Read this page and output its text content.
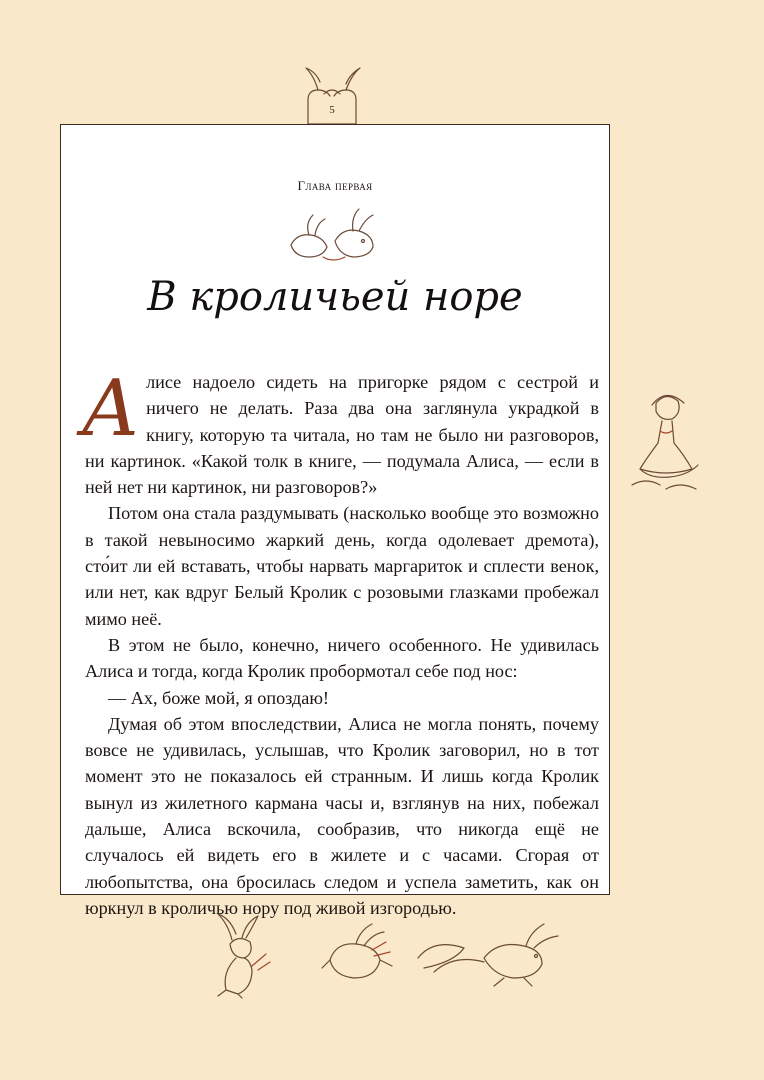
5
Глава первая
В кроличьей норе

Алисе надоело сидеть на пригорке рядом с сестрой и ничего не делать. Раза два она заглянула украдкой в книгу, которую та читала, но там не было ни разговоров, ни картинок. «Какой толк в книге, — подумала Алиса, — если в ней нет ни картинок, ни разговоров?»

Потом она стала раздумывать (насколько вообще это возможно в такой невыносимо жаркий день, когда одолевает дремота), сто́ит ли ей вставать, чтобы нарвать маргариток и сплести венок, или нет, как вдруг Белый Кролик с розовыми глазками пробежал мимо неё.

В этом не было, конечно, ничего особенного. Не удивилась Алиса и тогда, когда Кролик пробормотал себе под нос:

— Ах, боже мой, я опоздаю!

Думая об этом впоследствии, Алиса не могла понять, почему вовсе не удивилась, услышав, что Кролик заговорил, но в тот момент это не показалось ей странным. И лишь когда Кролик вынул из жилетного кармана часы и, взглянув на них, побежал дальше, Алиса вскочила, сообразив, что никогда ещё не случалось ей видеть его в жилете и с часами. Сгорая от любопытства, она бросилась следом и успела заметить, как он юркнул в кроличью нору под живой изгородью.
